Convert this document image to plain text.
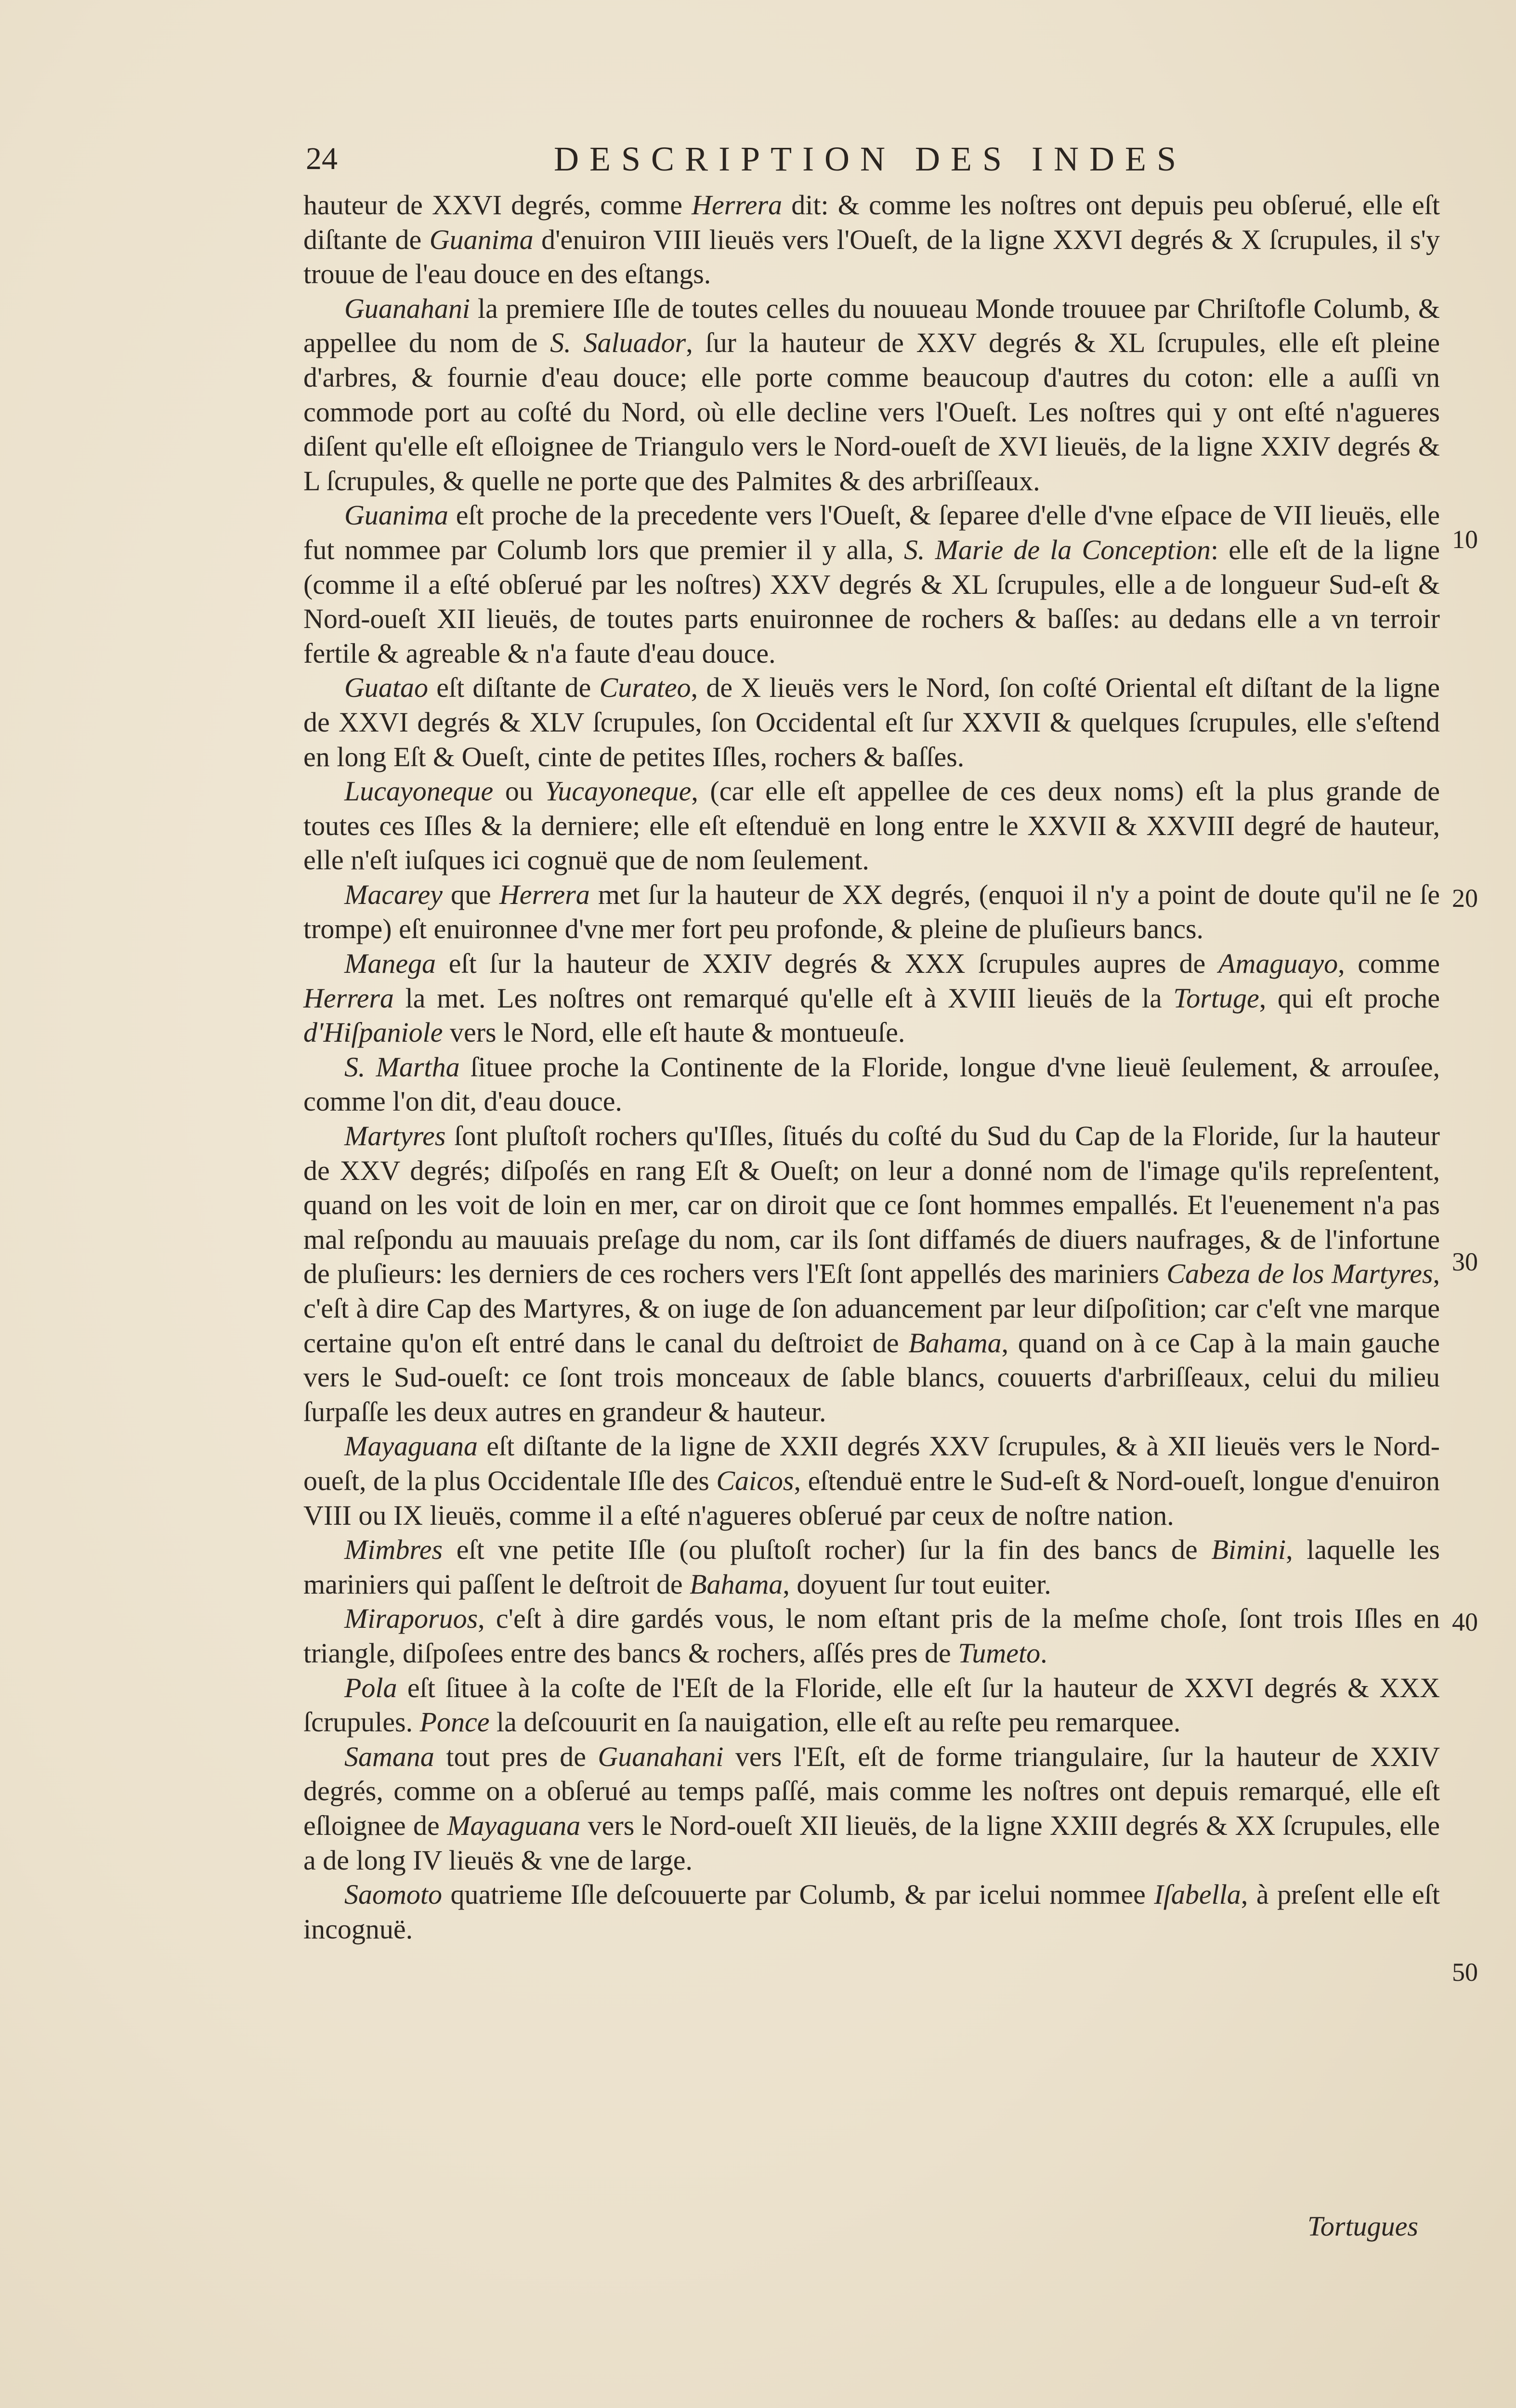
24	DESCRIPTION DES INDES

hauteur de XXVI degrés, comme Herrera dit: & comme les noſtres ont depuis peu obſerué, elle eſt diſtante de Guanima d'enuiron VIII lieuës vers l'Oueſt, de la ligne XXVI degrés & X ſcrupules, il s'y trouue de l'eau douce en des eſtangs.

Guanahani la premiere Iſle de toutes celles du nouueau Monde trouuee par Chriſtofle Columb, & appellee du nom de S. Saluador, ſur la hauteur de XXV degrés & XL ſcrupules, elle eſt pleine d'arbres, & fournie d'eau douce; elle porte comme beaucoup d'autres du coton: elle a auſſi vn commode port au coſté du Nord, où elle decline vers l'Oueſt. Les noſtres qui y ont eſté n'agueres diſent qu'elle eſt eſloignee de Triangulo vers le Nord-oueſt de XVI lieuës, de la ligne XXIV degrés & L ſcrupules, & quelle ne porte que des Palmites & des arbriſſeaux.

Guanima eſt proche de la precedente vers l'Oueſt, & ſeparee d'elle d'vne eſpace de VII lieuës, elle fut nommee par Columb lors que premier il y alla, S. Marie de la Conception: elle eſt de la ligne (comme il a eſté obſerué par les noſtres) XXV degrés & XL ſcrupules, elle a de longueur Sud-eſt & Nord-oueſt XII lieuës, de toutes parts enuironnee de rochers & baſſes: au dedans elle a vn terroir fertile & agreable & n'a faute d'eau douce.

Guatao eſt diſtante de Curateo, de X lieuës vers le Nord, ſon coſté Oriental eſt diſtant de la ligne de XXVI degrés & XLV ſcrupules, ſon Occidental eſt ſur XXVII & quelques ſcrupules, elle s'eſtend en long Eſt & Oueſt, cinte de petites Iſles, rochers & baſſes.

Lucayoneque ou Yucayoneque, (car elle eſt appellee de ces deux noms) eſt la plus grande de toutes ces Iſles & la derniere; elle eſt eſtenduë en long entre le XXVII & XXVIII degré de hauteur, elle n'eſt iuſques ici cognuë que de nom ſeulement.

Macarey que Herrera met ſur la hauteur de XX degrés, (enquoi il n'y a point de doute qu'il ne ſe trompe) eſt enuironnee d'vne mer fort peu profonde, & pleine de pluſieurs bancs.

Manega eſt ſur la hauteur de XXIV degrés & XXX ſcrupules aupres de Amaguayo, comme Herrera la met. Les noſtres ont remarqué qu'elle eſt à XVIII lieuës de la Tortuge, qui eſt proche d'Hiſpaniole vers le Nord, elle eſt haute & montueuſe.

S. Martha ſituee proche la Continente de la Floride, longue d'vne lieuë ſeulement, & arrouſee, comme l'on dit, d'eau douce.

Martyres ſont pluſtoſt rochers qu'Iſles, ſitués du coſté du Sud du Cap de la Floride, ſur la hauteur de XXV degrés; diſpoſés en rang Eſt & Oueſt; on leur a donné nom de l'image qu'ils repreſentent, quand on les voit de loin en mer, car on diroit que ce ſont hommes empallés. Et l'euenement n'a pas mal reſpondu au mauuais preſage du nom, car ils ſont diffamés de diuers naufrages, & de l'infortune de pluſieurs: les derniers de ces rochers vers l'Eſt ſont appellés des mariniers Cabeza de los Martyres, c'eſt à dire Cap des Martyres, & on iuge de ſon aduancement par leur diſpoſition; car c'eſt vne marque certaine qu'on eſt entré dans le canal du deſtroiɛt de Bahama, quand on à ce Cap à la main gauche vers le Sud-oueſt: ce ſont trois monceaux de ſable blancs, couuerts d'arbriſſeaux, celui du milieu ſurpaſſe les deux autres en grandeur & hauteur.

Mayaguana eſt diſtante de la ligne de XXII degrés XXV ſcrupules, & à XII lieuës vers le Nord-oueſt, de la plus Occidentale Iſle des Caicos, eſtenduë entre le Sud-eſt & Nord-oueſt, longue d'enuiron VIII ou IX lieuës, comme il a eſté n'agueres obſerué par ceux de noſtre nation.

Mimbres eſt vne petite Iſle (ou pluſtoſt rocher) ſur la fin des bancs de Bimini, laquelle les mariniers qui paſſent le deſtroit de Bahama, doyuent ſur tout euiter.

Miraporuos, c'eſt à dire gardés vous, le nom eſtant pris de la meſme choſe, ſont trois Iſles en triangle, diſpoſees entre des bancs & rochers, aſſés pres de Tumeto.

Pola eſt ſituee à la coſte de l'Eſt de la Floride, elle eſt ſur la hauteur de XXVI degrés & XXX ſcrupules. Ponce la deſcouurit en ſa nauigation, elle eſt au reſte peu remarquee.

Samana tout pres de Guanahani vers l'Eſt, eſt de forme triangulaire, ſur la hauteur de XXIV degrés, comme on a obſerué au temps paſſé, mais comme les noſtres ont depuis remarqué, elle eſt eſloignee de Mayaguana vers le Nord-oueſt XII lieuës, de la ligne XXIII degrés & XX ſcrupules, elle a de long IV lieuës & vne de large.

Saomoto quatrieme Iſle deſcouuerte par Columb, & par icelui nommee Iſabella, à preſent elle eſt incognuë.

10
20
30
40
50
Tortugues
